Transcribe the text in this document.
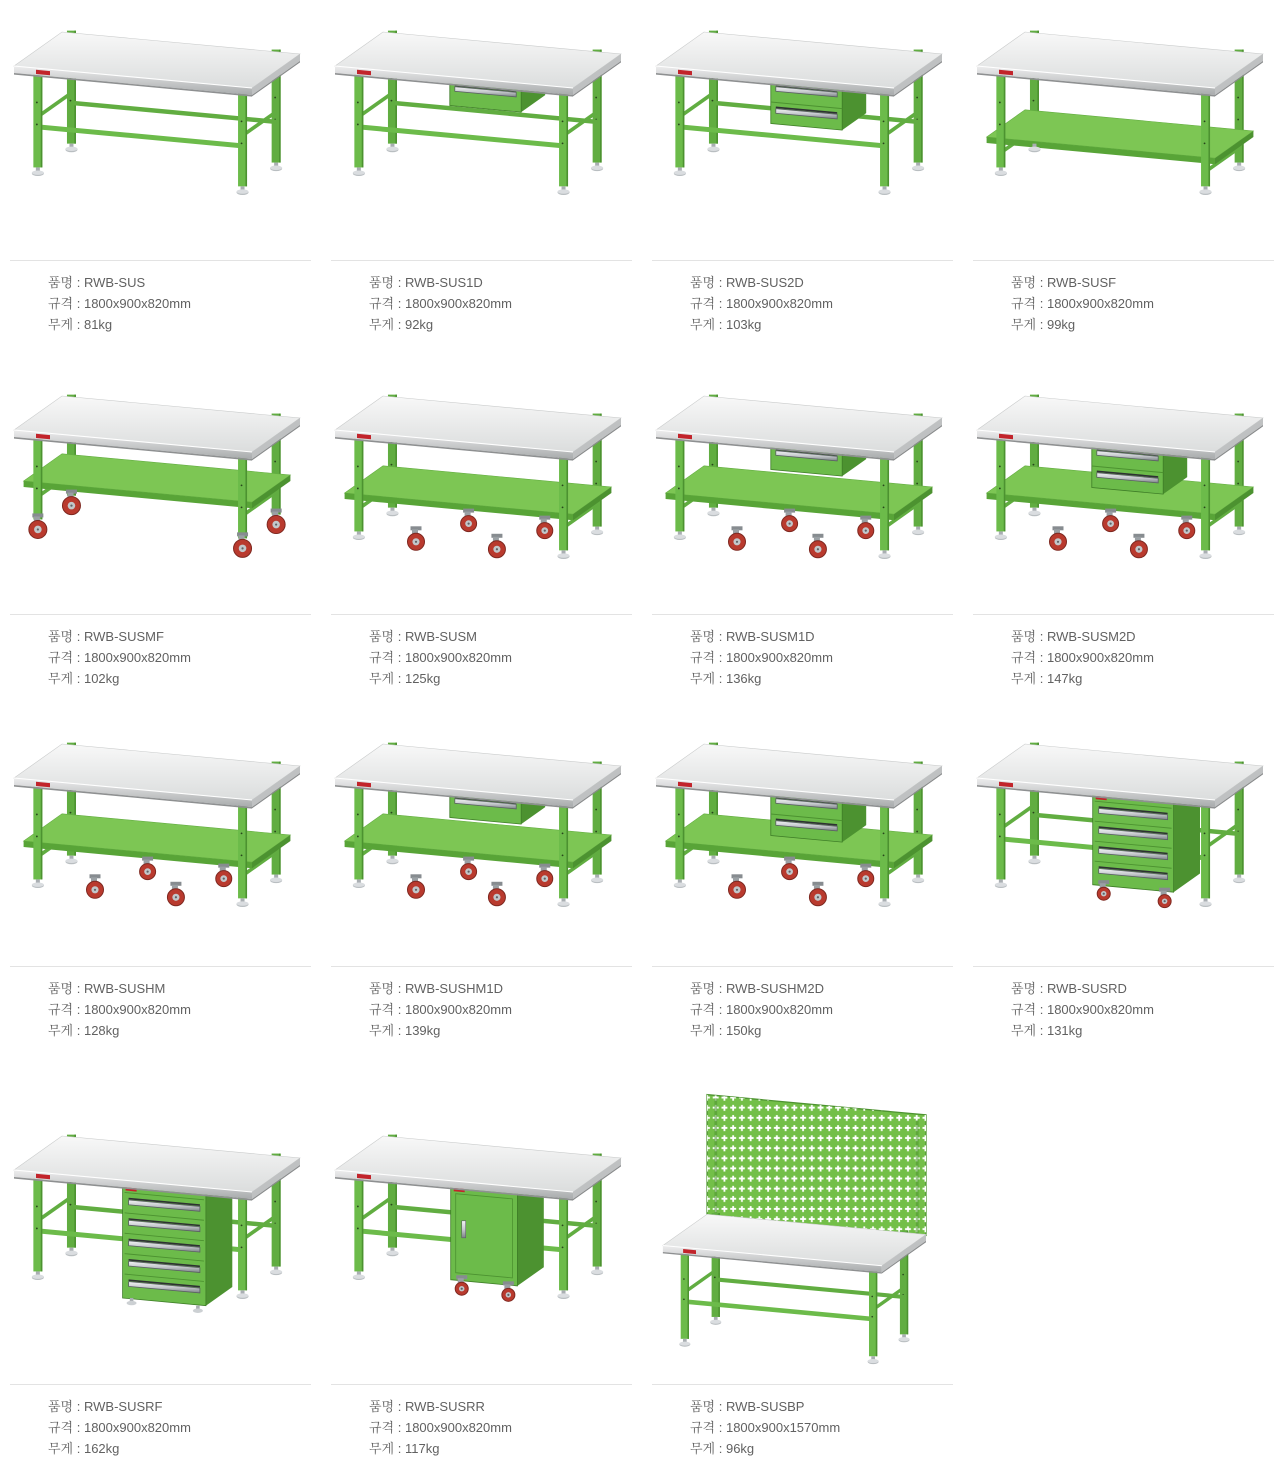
품명 : RWB-SUS
규격 : 1800x900x820mm
무게 : 81kg
품명 : RWB-SUS1D
규격 : 1800x900x820mm
무게 : 92kg
품명 : RWB-SUS2D
규격 : 1800x900x820mm
무게 : 103kg
품명 : RWB-SUSF
규격 : 1800x900x820mm
무게 : 99kg
품명 : RWB-SUSMF
규격 : 1800x900x820mm
무게 : 102kg
품명 : RWB-SUSM
규격 : 1800x900x820mm
무게 : 125kg
품명 : RWB-SUSM1D
규격 : 1800x900x820mm
무게 : 136kg
품명 : RWB-SUSM2D
규격 : 1800x900x820mm
무게 : 147kg
품명 : RWB-SUSHM
규격 : 1800x900x820mm
무게 : 128kg
품명 : RWB-SUSHM1D
규격 : 1800x900x820mm
무게 : 139kg
품명 : RWB-SUSHM2D
규격 : 1800x900x820mm
무게 : 150kg
품명 : RWB-SUSRD
규격 : 1800x900x820mm
무게 : 131kg
품명 : RWB-SUSRF
규격 : 1800x900x820mm
무게 : 162kg
품명 : RWB-SUSRR
규격 : 1800x900x820mm
무게 : 117kg
품명 : RWB-SUSBP
규격 : 1800x900x1570mm
무게 : 96kg
